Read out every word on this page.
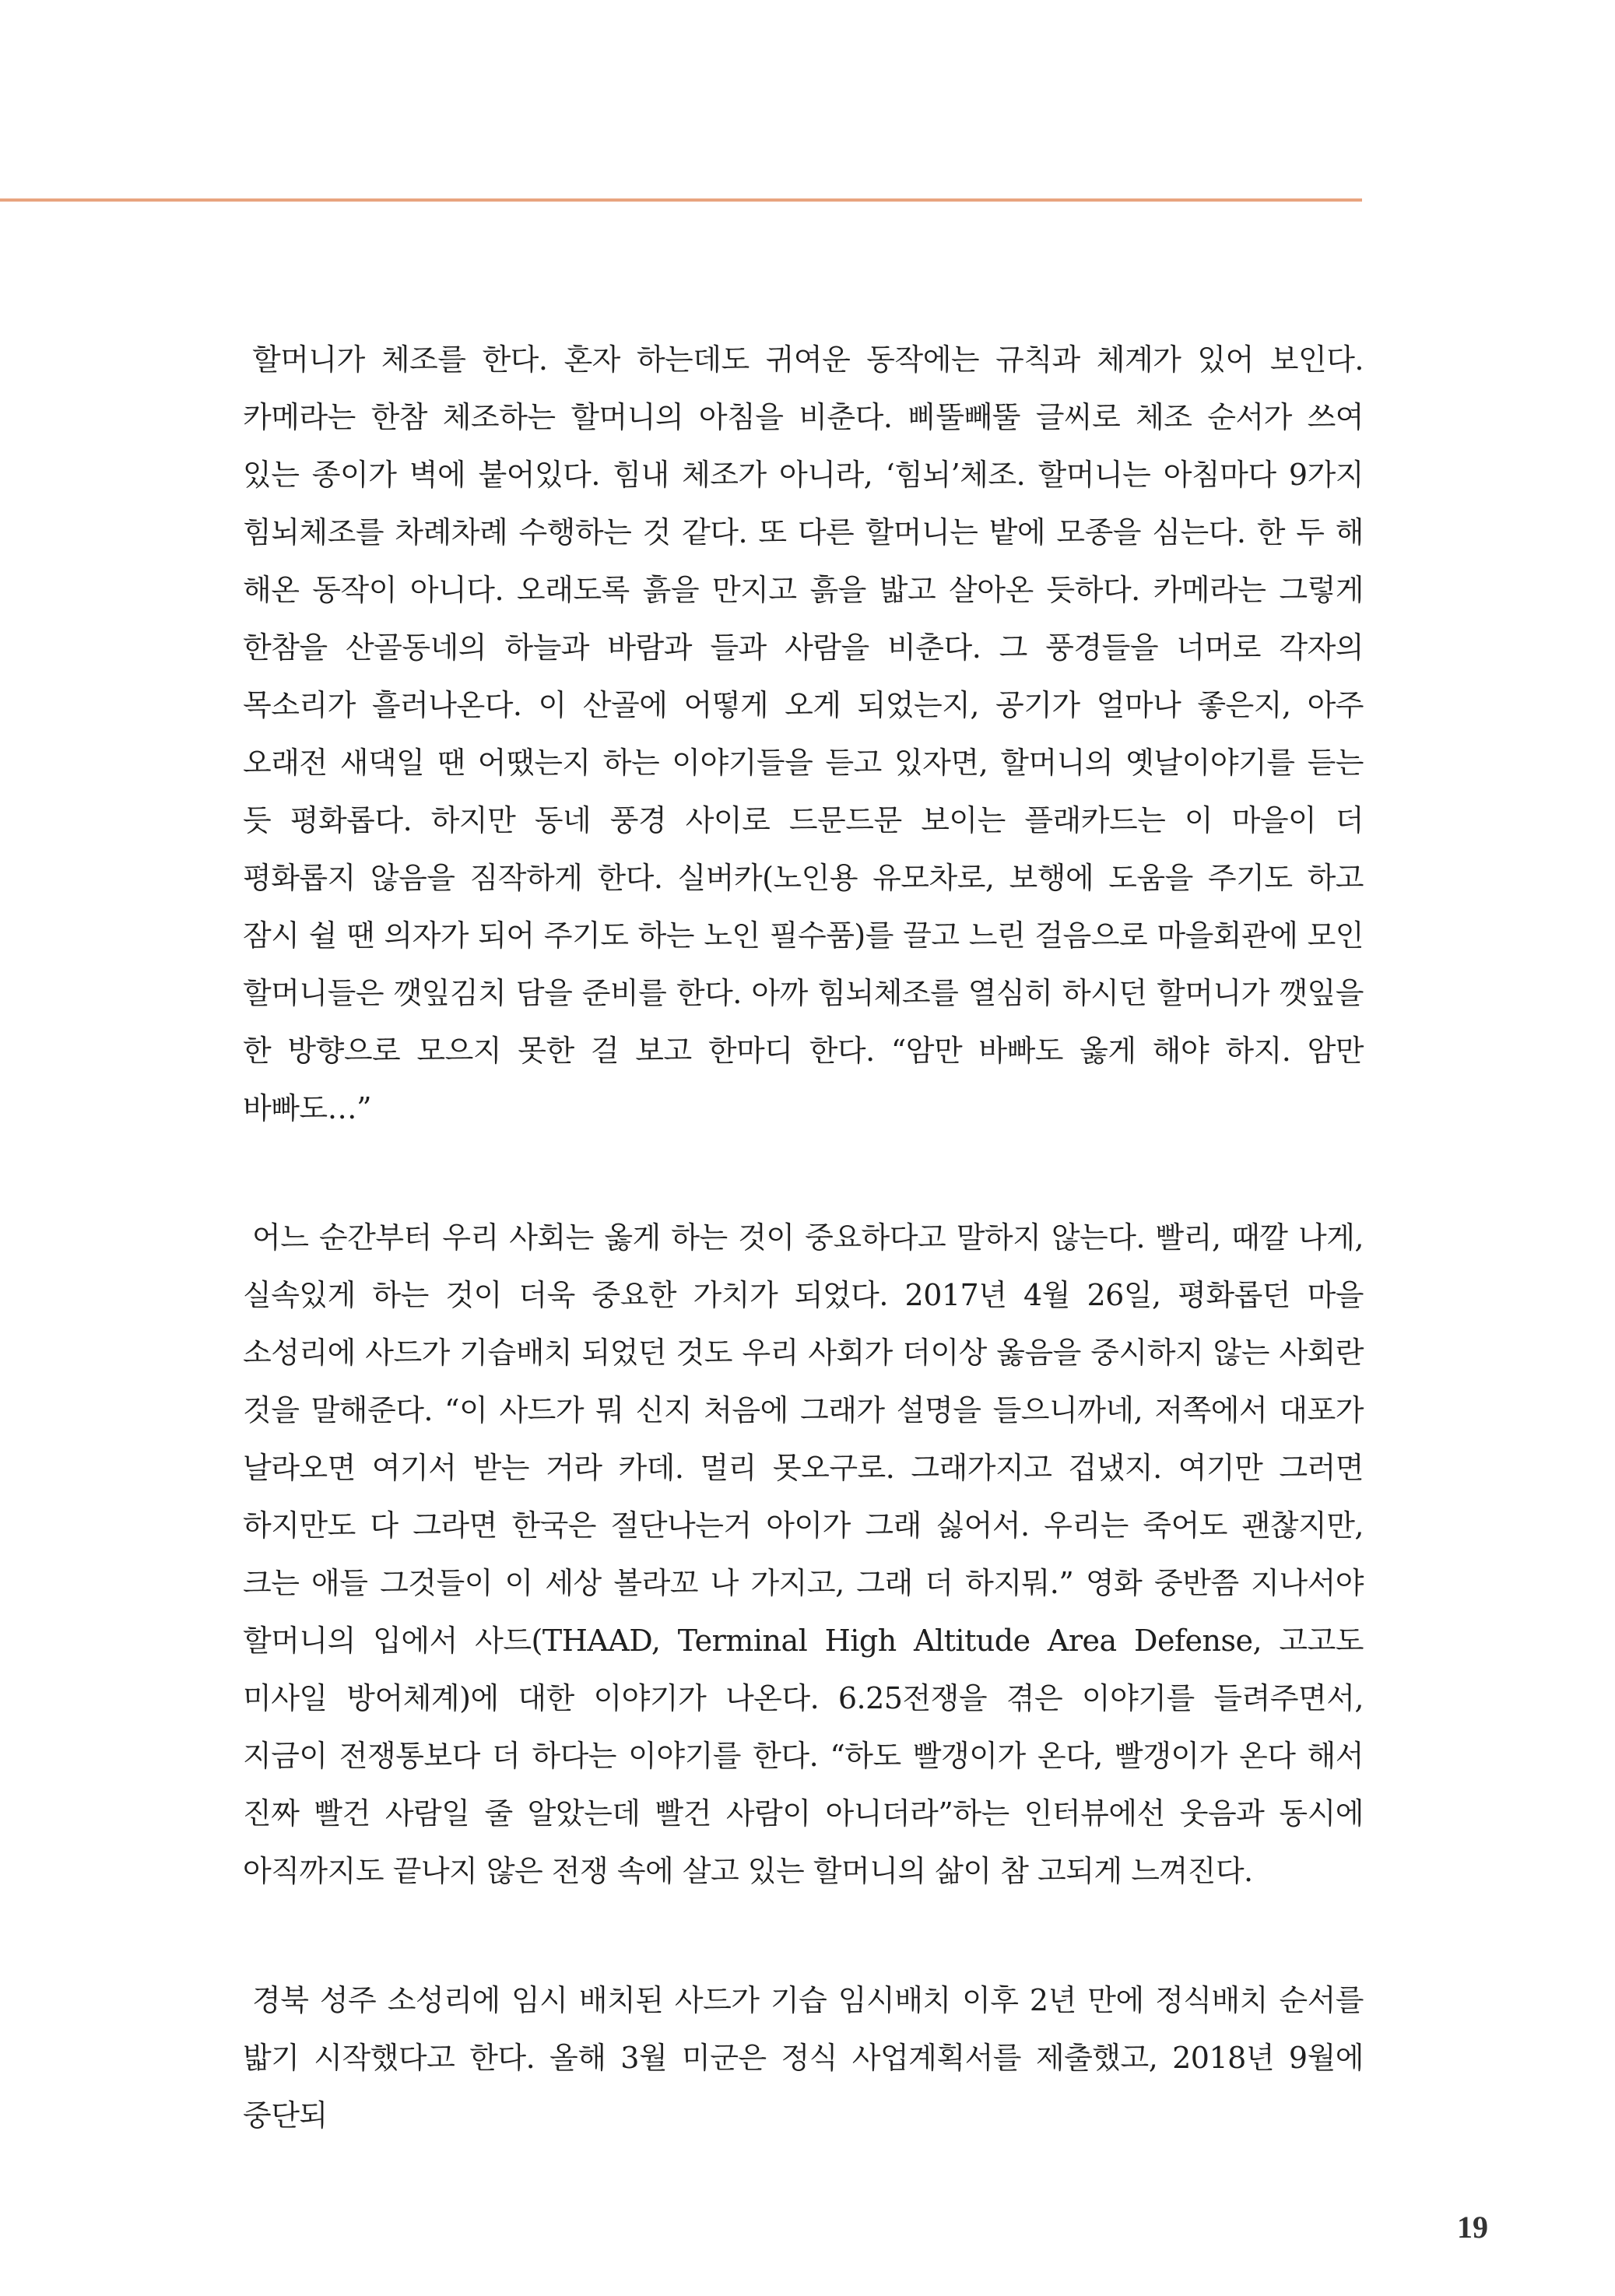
할머니가 체조를 한다. 혼자 하는데도 귀여운 동작에는 규칙과 체계가 있어 보인다. 카메라는 한참 체조하는 할머니의 아침을 비춘다. 삐뚤빼뚤 글씨로 체조 순서가 쓰여 있는 종이가 벽에 붙어있다. 힘내 체조가 아니라, ‘힘뇌’체조. 할머니는 아침마다 9가지 힘뇌체조를 차례차례 수행하는 것 같다. 또 다른 할머니는 밭에 모종을 심는다. 한 두 해 해온 동작이 아니다. 오래도록 흙을 만지고 흙을 밟고 살아온 듯하다. 카메라는 그렇게 한참을 산골동네의 하늘과 바람과 들과 사람을 비춘다. 그 풍경들을 너머로 각자의 목소리가 흘러나온다. 이 산골에 어떻게 오게 되었는지, 공기가 얼마나 좋은지, 아주 오래전 새댁일 땐 어땠는지 하는 이야기들을 듣고 있자면, 할머니의 옛날이야기를 듣는 듯 평화롭다. 하지만 동네 풍경 사이로 드문드문 보이는 플래카드는 이 마을이 더 평화롭지 않음을 짐작하게 한다. 실버카(노인용 유모차로, 보행에 도움을 주기도 하고 잠시 쉴 땐 의자가 되어 주기도 하는 노인 필수품)를 끌고 느린 걸음으로 마을회관에 모인 할머니들은 깻잎김치 담을 준비를 한다. 아까 힘뇌체조를 열심히 하시던 할머니가 깻잎을 한 방향으로 모으지 못한 걸 보고 한마디 한다. “암만 바빠도 옳게 해야 하지. 암만 바빠도…”

어느 순간부터 우리 사회는 옳게 하는 것이 중요하다고 말하지 않는다. 빨리, 때깔 나게, 실속있게 하는 것이 더욱 중요한 가치가 되었다. 2017년 4월 26일, 평화롭던 마을 소성리에 사드가 기습배치 되었던 것도 우리 사회가 더이상 옳음을 중시하지 않는 사회란 것을 말해준다. “이 사드가 뭐 신지 처음에 그래가 설명을 들으니까네, 저쪽에서 대포가 날라오면 여기서 받는 거라 카데. 멀리 못오구로. 그래가지고 겁냈지. 여기만 그러면 하지만도 다 그라면 한국은 절단나는거 아이가 그래 싫어서. 우리는 죽어도 괜찮지만, 크는 애들 그것들이 이 세상 볼라꼬 나 가지고, 그래 더 하지뭐.” 영화 중반쯤 지나서야 할머니의 입에서 사드(THAAD, Terminal High Altitude Area Defense, 고고도 미사일 방어체계)에 대한 이야기가 나온다. 6.25전쟁을 겪은 이야기를 들려주면서, 지금이 전쟁통보다 더 하다는 이야기를 한다. “하도 빨갱이가 온다, 빨갱이가 온다 해서 진짜 빨건 사람일 줄 알았는데 빨건 사람이 아니더라”하는 인터뷰에선 웃음과 동시에 아직까지도 끝나지 않은 전쟁 속에 살고 있는 할머니의 삶이 참 고되게 느껴진다.

경북 성주 소성리에 임시 배치된 사드가 기습 임시배치 이후 2년 만에 정식배치 순서를 밟기 시작했다고 한다. 올해 3월 미군은 정식 사업계획서를 제출했고, 2018년 9월에 중단되

19
